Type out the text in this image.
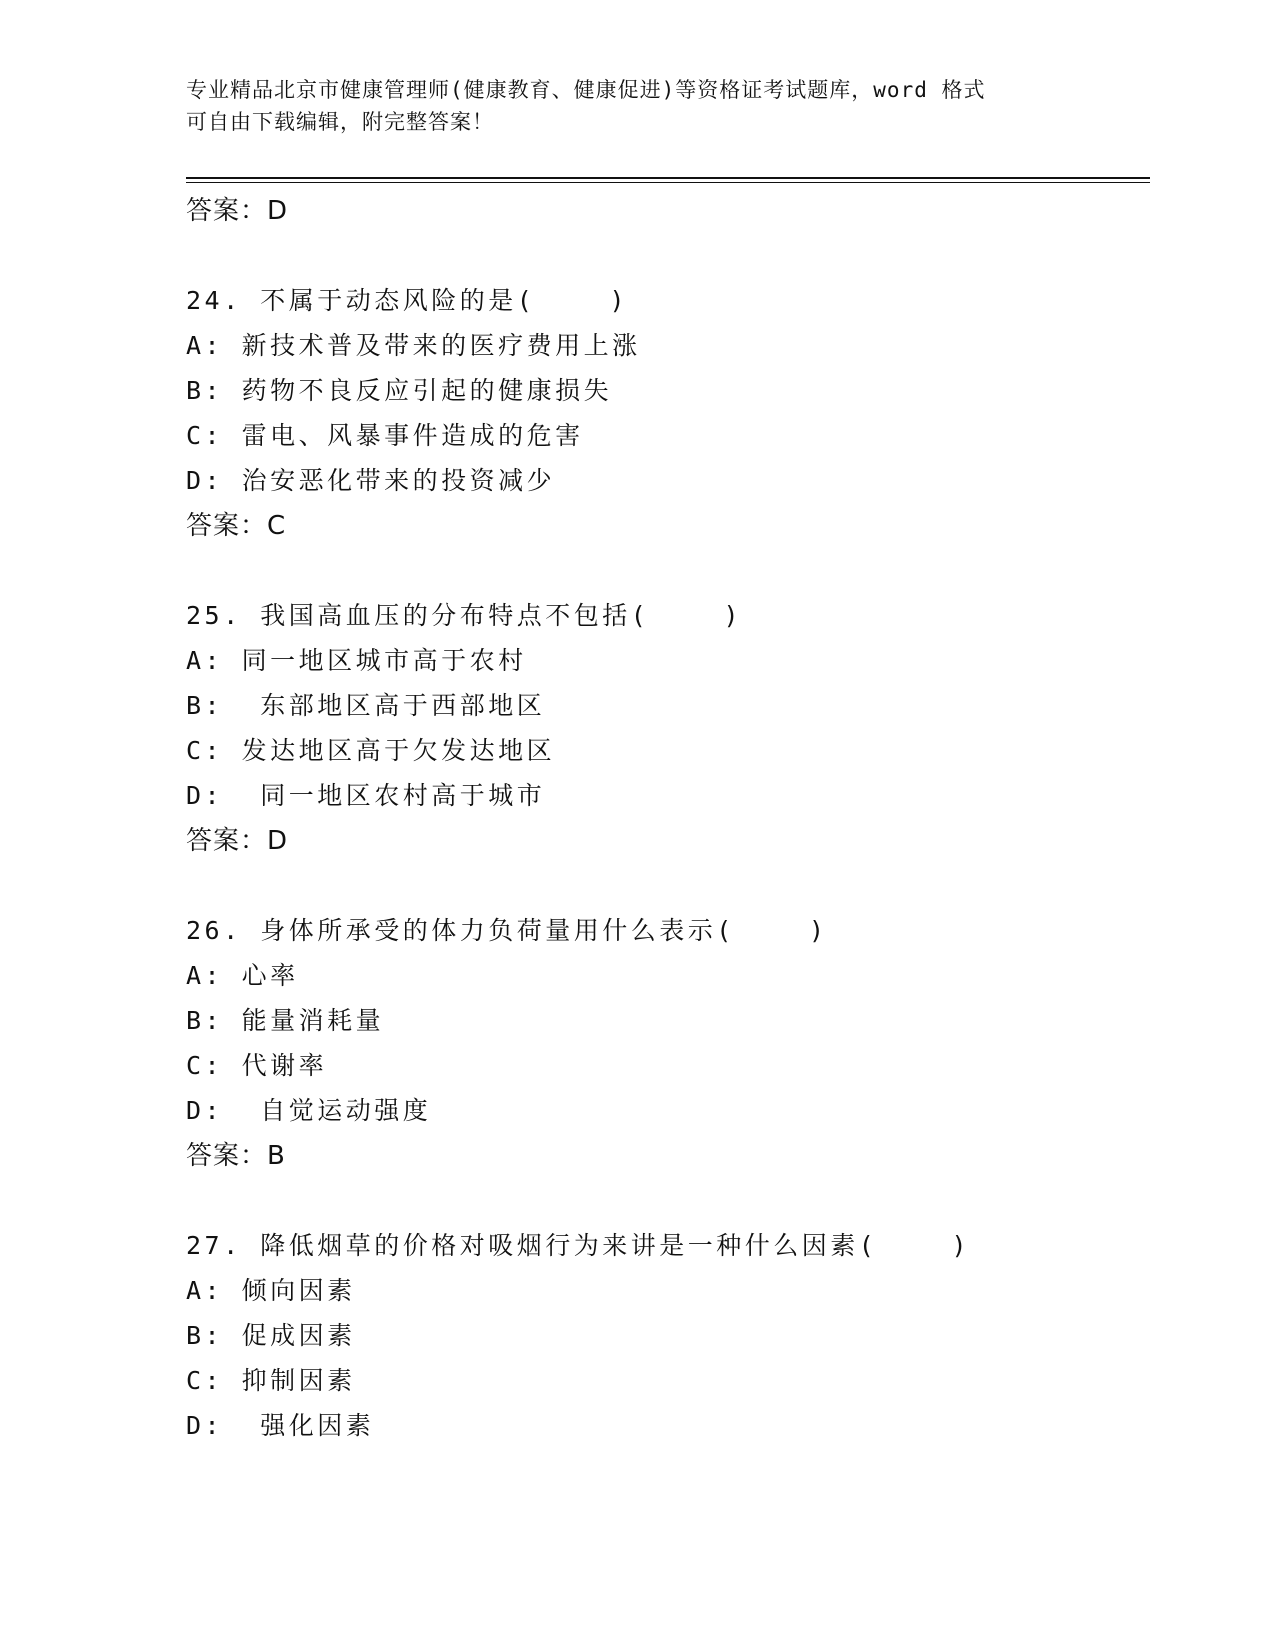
专业精品北京市健康管理师(健康教育、健康促进)等资格证考试题库，word 格式
可自由下载编辑，附完整答案！
答案：D
24. 不属于动态风险的是(    )
A: 新技术普及带来的医疗费用上涨
B: 药物不良反应引起的健康损失
C: 雷电、风暴事件造成的危害
D: 治安恶化带来的投资减少
答案：C
25. 我国高血压的分布特点不包括(    )
A: 同一地区城市高于农村
B:  东部地区高于西部地区
C: 发达地区高于欠发达地区
D:  同一地区农村高于城市
答案：D
26. 身体所承受的体力负荷量用什么表示(    )
A: 心率
B: 能量消耗量
C: 代谢率
D:  自觉运动强度
答案：B
27. 降低烟草的价格对吸烟行为来讲是一种什么因素(    )
A: 倾向因素
B: 促成因素
C: 抑制因素
D:  强化因素
